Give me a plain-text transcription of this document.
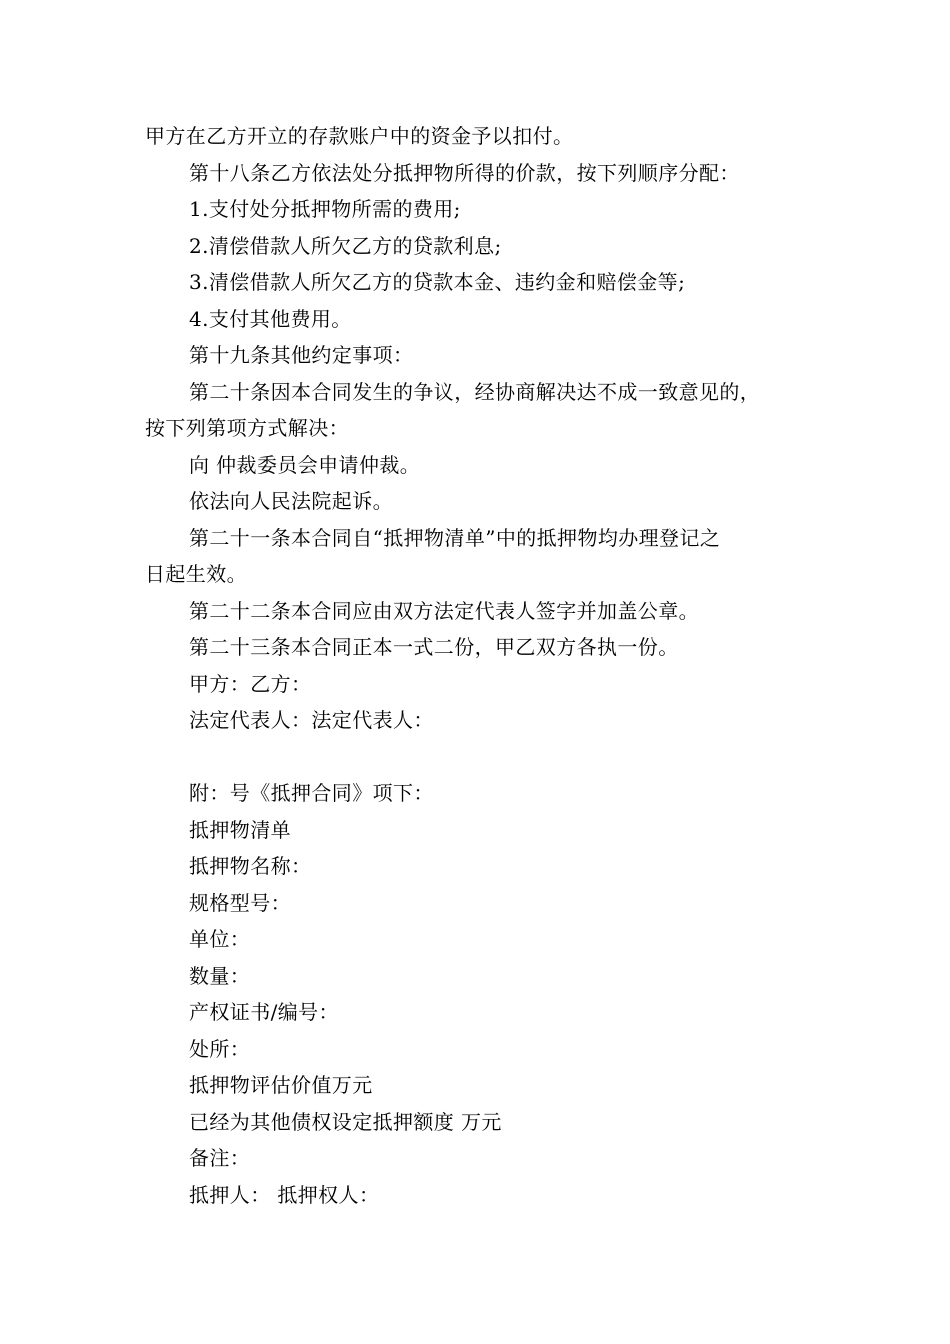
甲方在乙方开立的存款账户中的资金予以扣付。
第十八条乙方依法处分抵押物所得的价款，按下列顺序分配：
1.支付处分抵押物所需的费用;
2.清偿借款人所欠乙方的贷款利息;
3.清偿借款人所欠乙方的贷款本金、违约金和赔偿金等;
4.支付其他费用。
第十九条其他约定事项：
第二十条因本合同发生的争议，经协商解决达不成一致意见的，
按下列第项方式解决：
向 仲裁委员会申请仲裁。
依法向人民法院起诉。
第二十一条本合同自“抵押物清单”中的抵押物均办理登记之
日起生效。
第二十二条本合同应由双方法定代表人签字并加盖公章。
第二十三条本合同正本一式二份，甲乙双方各执一份。
甲方：乙方：
法定代表人：法定代表人：
附：号《抵押合同》项下：
抵押物清单
抵押物名称：
规格型号：
单位：
数量：
产权证书/编号：
处所：
抵押物评估价值万元
已经为其他债权设定抵押额度 万元
备注：
抵押人： 抵押权人：
